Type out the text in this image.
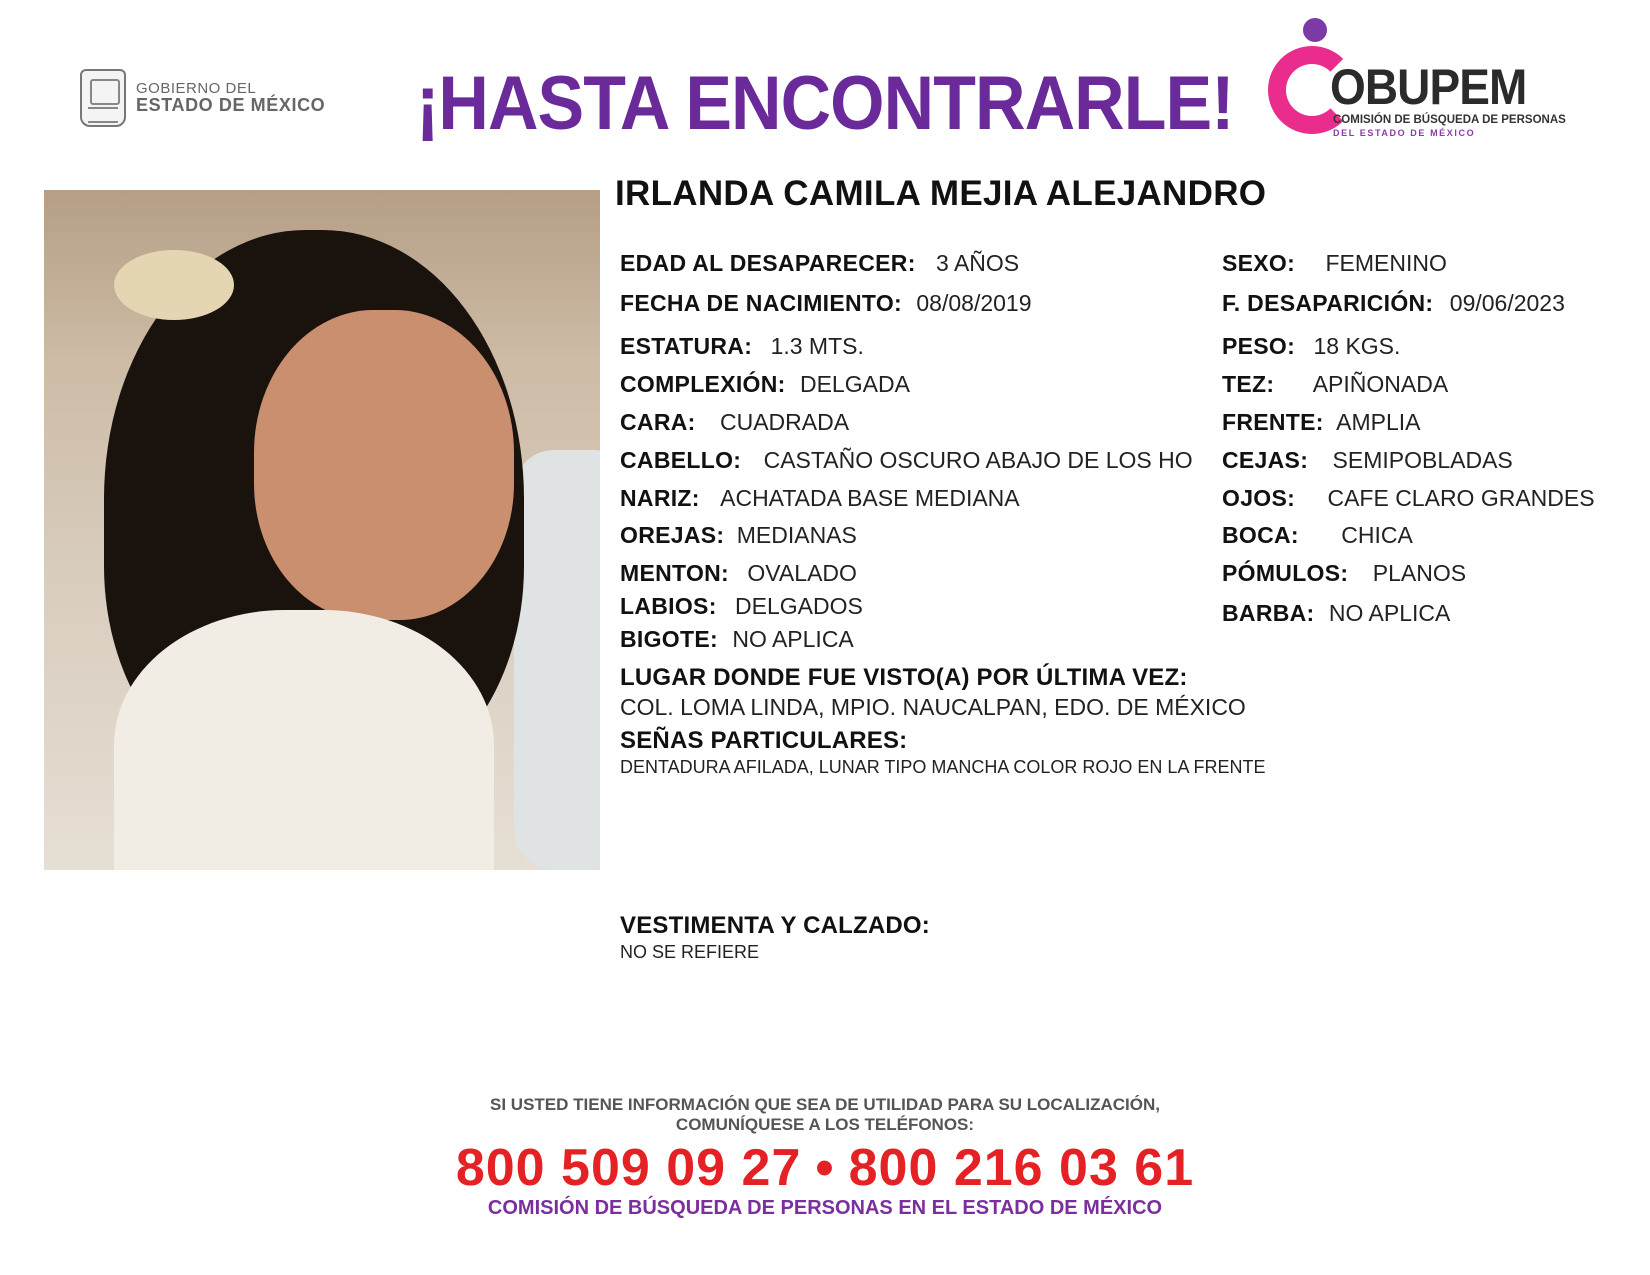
GOBIERNO DEL
ESTADO DE MÉXICO ¡HASTA ENCONTRARLE! OBUPEM
COMISIÓN DE BÚSQUEDA DE PERSONAS
DEL ESTADO DE MÉXICO
IRLANDA CAMILA MEJIA ALEJANDRO
EDAD AL DESAPARECER: 3 AÑOS
FECHA DE NACIMIENTO: 08/08/2019
ESTATURA: 1.3 MTS.
COMPLEXIÓN: DELGADA
CARA: CUADRADA
CABELLO: CASTAÑO OSCURO ABAJO DE LOS HO
NARIZ: ACHATADA BASE MEDIANA
OREJAS: MEDIANAS
MENTON: OVALADO
LABIOS: DELGADOS
BIGOTE: NO APLICA
SEXO: FEMENINO
F. DESAPARICIÓN: 09/06/2023
PESO: 18 KGS.
TEZ: APIÑONADA
FRENTE: AMPLIA
CEJAS: SEMIPOBLADAS
OJOS: CAFE CLARO GRANDES
BOCA: CHICA
PÓMULOS: PLANOS
BARBA: NO APLICA
LUGAR DONDE FUE VISTO(A) POR ÚLTIMA VEZ:
COL. LOMA LINDA, MPIO. NAUCALPAN, EDO. DE MÉXICO
SEÑAS PARTICULARES:
DENTADURA AFILADA, LUNAR TIPO MANCHA COLOR ROJO EN LA FRENTE
VESTIMENTA Y CALZADO:
NO SE REFIERE
SI USTED TIENE INFORMACIÓN QUE SEA DE UTILIDAD PARA SU LOCALIZACIÓN,
COMUNÍQUESE A LOS TELÉFONOS:
800 509 09 27 • 800 216 03 61
COMISIÓN DE BÚSQUEDA DE PERSONAS EN EL ESTADO DE MÉXICO
